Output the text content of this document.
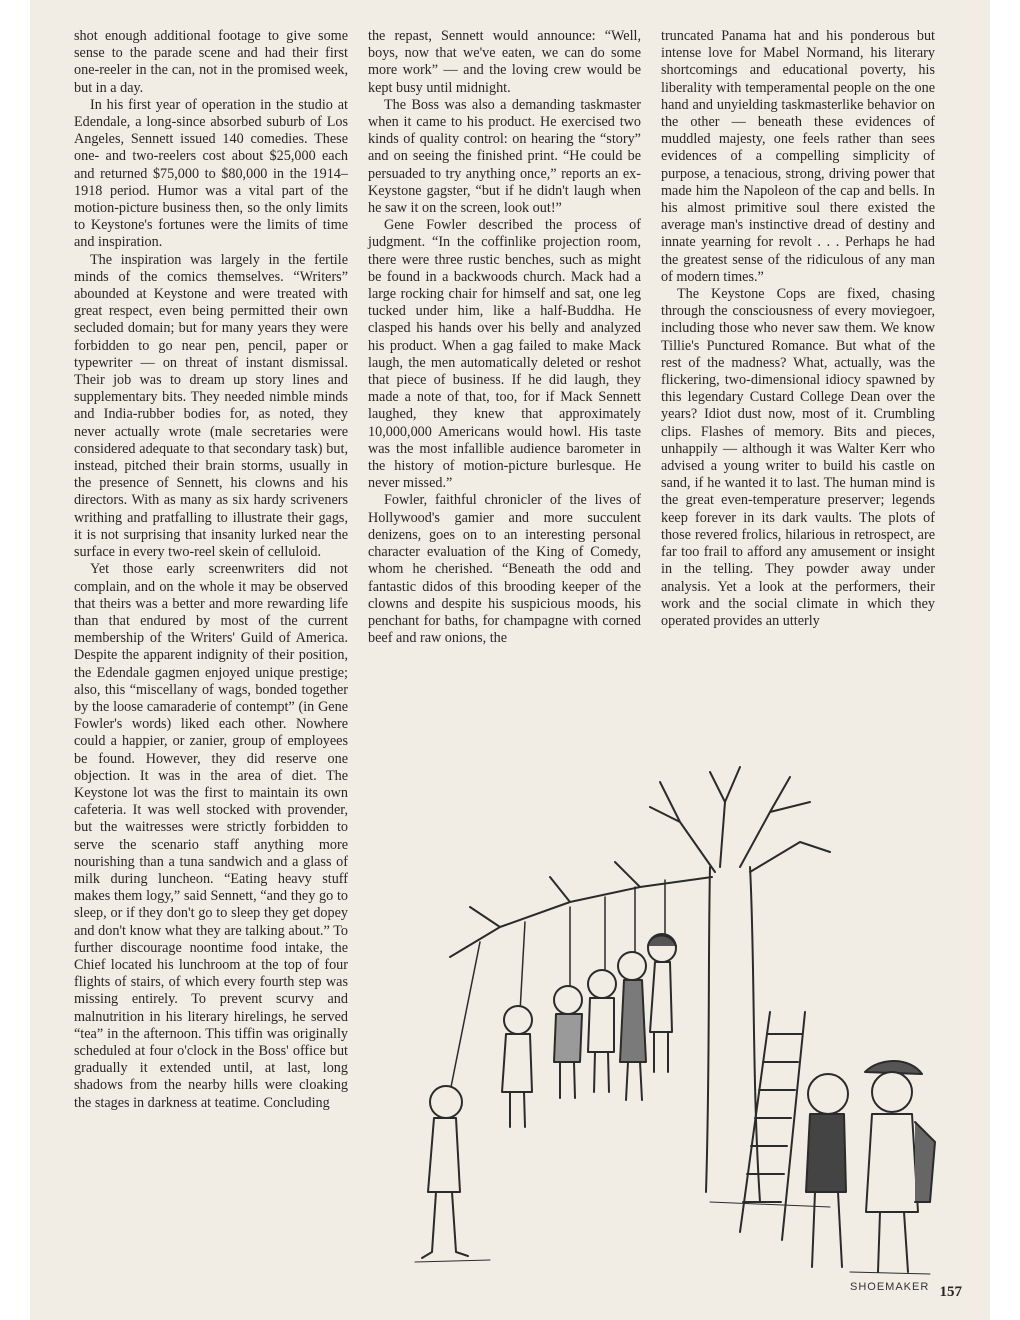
shot enough additional footage to give some sense to the parade scene and had their first one-reeler in the can, not in the promised week, but in a day.

In his first year of operation in the studio at Edendale, a long-since absorbed suburb of Los Angeles, Sennett issued 140 comedies. These one- and two-reelers cost about $25,000 each and returned $75,000 to $80,000 in the 1914–1918 period. Humor was a vital part of the motion-picture business then, so the only limits to Keystone's fortunes were the limits of time and inspiration.

The inspiration was largely in the fertile minds of the comics themselves. “Writers” abounded at Keystone and were treated with great respect, even being permitted their own secluded domain; but for many years they were forbidden to go near pen, pencil, paper or typewriter — on threat of instant dismissal. Their job was to dream up story lines and supplementary bits. They needed nimble minds and India-rubber bodies for, as noted, they never actually wrote (male secretaries were considered adequate to that secondary task) but, instead, pitched their brain storms, usually in the presence of Sennett, his clowns and his directors. With as many as six hardy scriveners writhing and pratfalling to illustrate their gags, it is not surprising that insanity lurked near the surface in every two-reel skein of celluloid.

Yet those early screenwriters did not complain, and on the whole it may be observed that theirs was a better and more rewarding life than that endured by most of the current membership of the Writers' Guild of America. Despite the apparent indignity of their position, the Edendale gagmen enjoyed unique prestige; also, this “miscellany of wags, bonded together by the loose camaraderie of contempt” (in Gene Fowler's words) liked each other. Nowhere could a happier, or zanier, group of employees be found. However, they did reserve one objection. It was in the area of diet. The Keystone lot was the first to maintain its own cafeteria. It was well stocked with provender, but the waitresses were strictly forbidden to serve the scenario staff anything more nourishing than a tuna sandwich and a glass of milk during luncheon. “Eating heavy stuff makes them logy,” said Sennett, “and they go to sleep, or if they don't go to sleep they get dopey and don't know what they are talking about.” To further discourage noontime food intake, the Chief located his lunchroom at the top of four flights of stairs, of which every fourth step was missing entirely. To prevent scurvy and malnutrition in his literary hirelings, he served “tea” in the afternoon. This tiffin was originally scheduled at four o'clock in the Boss' office but gradually it extended until, at last, long shadows from the nearby hills were cloaking the stages in darkness at teatime. Concluding

the repast, Sennett would announce: “Well, boys, now that we've eaten, we can do some more work” — and the loving crew would be kept busy until midnight.

The Boss was also a demanding taskmaster when it came to his product. He exercised two kinds of quality control: on hearing the “story” and on seeing the finished print. “He could be persuaded to try anything once,” reports an ex-Keystone gagster, “but if he didn't laugh when he saw it on the screen, look out!”

Gene Fowler described the process of judgment. “In the coffinlike projection room, there were three rustic benches, such as might be found in a backwoods church. Mack had a large rocking chair for himself and sat, one leg tucked under him, like a half-Buddha. He clasped his hands over his belly and analyzed his product. When a gag failed to make Mack laugh, the men automatically deleted or reshot that piece of business. If he did laugh, they made a note of that, too, for if Mack Sennett laughed, they knew that approximately 10,000,000 Americans would howl. His taste was the most infallible audience barometer in the history of motion-picture burlesque. He never missed.”

Fowler, faithful chronicler of the lives of Hollywood's gamier and more succulent denizens, goes on to an interesting personal character evaluation of the King of Comedy, whom he cherished. “Beneath the odd and fantastic didos of this brooding keeper of the clowns and despite his suspicious moods, his penchant for baths, for champagne with corned beef and raw onions, the

truncated Panama hat and his ponderous but intense love for Mabel Normand, his literary shortcomings and educational poverty, his liberality with temperamental people on the one hand and unyielding taskmasterlike behavior on the other — beneath these evidences of muddled majesty, one feels rather than sees evidences of a compelling simplicity of purpose, a tenacious, strong, driving power that made him the Napoleon of the cap and bells. In his almost primitive soul there existed the average man's instinctive dread of destiny and innate yearning for revolt . . . Perhaps he had the greatest sense of the ridiculous of any man of modern times.”

The Keystone Cops are fixed, chasing through the consciousness of every moviegoer, including those who never saw them. We know Tillie's Punctured Romance. But what of the rest of the madness? What, actually, was the flickering, two-dimensional idiocy spawned by this legendary Custard College Dean over the years? Idiot dust now, most of it. Crumbling clips. Flashes of memory. Bits and pieces, unhappily — although it was Walter Kerr who advised a young writer to build his castle on sand, if he wanted it to last. The human mind is the great even-temperature preserver; legends keep forever in its dark vaults. The plots of those revered frolics, hilarious in retrospect, are far too frail to afford any amusement or insight in the telling. They powder away under analysis. Yet a look at the performers, their work and the social climate in which they operated provides an utterly

SHOEMAKER 157
